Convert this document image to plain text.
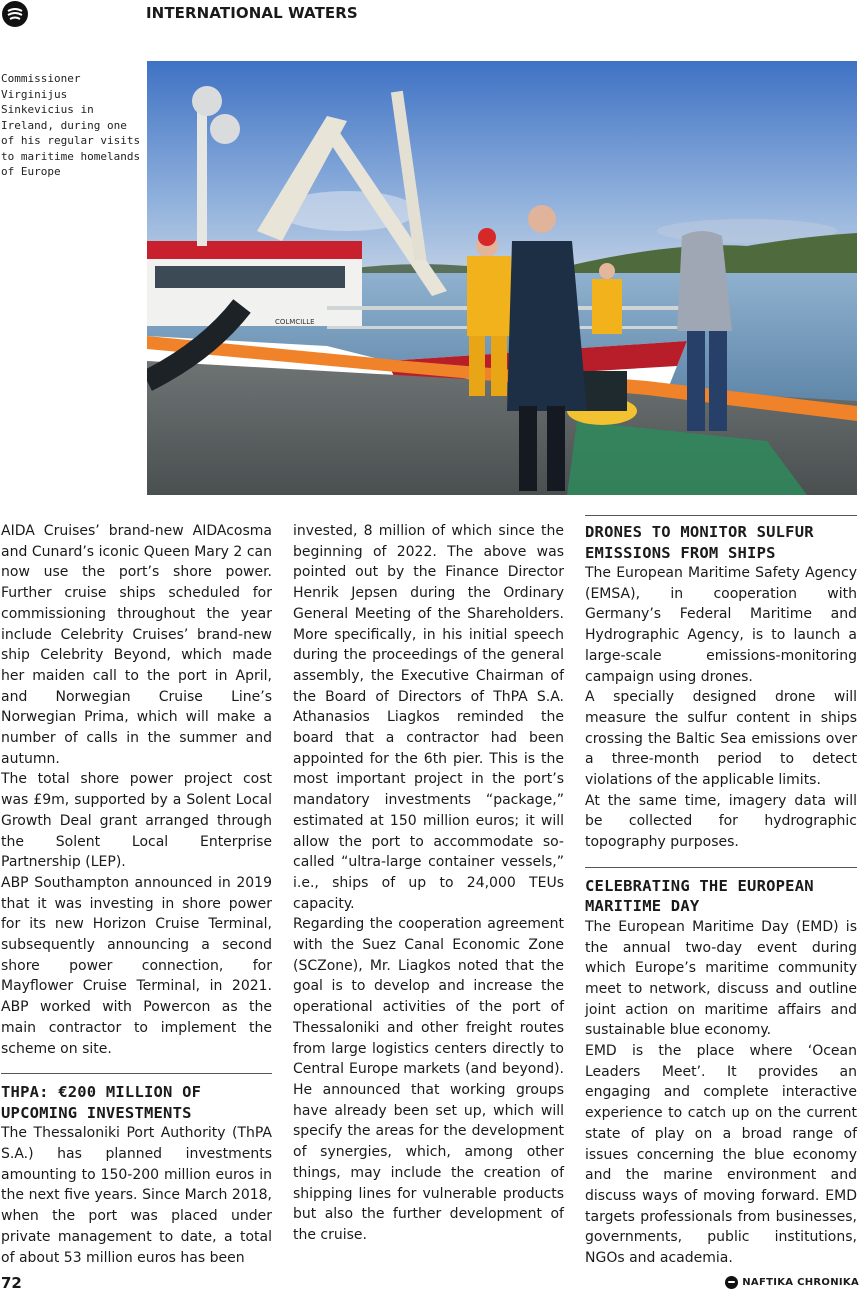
INTERNATIONAL WATERS
Commissioner Virginijus Sinkevicius in Ireland, during one of his regular visits to maritime homelands of Europe
COLMCILLE

AIDA Cruises’ brand-new AIDAcosma and Cunard’s iconic Queen Mary 2 can now use the port’s shore power. Further cruise ships scheduled for commissioning throughout the year include Celebrity Cruises’ brand-new ship Celebrity Beyond, which made her maiden call to the port in April, and Norwegian Cruise Line’s Norwegian Prima, which will make a number of calls in the summer and autumn.

The total shore power project cost was £9m, supported by a Solent Local Growth Deal grant arranged through the Solent Local Enterprise Partnership (LEP).

ABP Southampton announced in 2019 that it was investing in shore power for its new Horizon Cruise Terminal, subsequently announcing a second shore power connection, for Mayflower Cruise Terminal, in 2021. ABP worked with Powercon as the main contractor to implement the scheme on site.

THPA: €200 MILLION OF UPCOMING INVESTMENTS

The Thessaloniki Port Authority (ThPA S.A.) has planned investments amounting to 150-200 million euros in the next five years. Since March 2018, when the port was placed under private management to date, a total of about 53 million euros has been

invested, 8 million of which since the beginning of 2022. The above was pointed out by the Finance Director Henrik Jepsen during the Ordinary General Meeting of the Shareholders. More specifically, in his initial speech during the proceedings of the general assembly, the Executive Chairman of the Board of Directors of ThPA S.A. Athanasios Liagkos reminded the board that a contractor had been appointed for the 6th pier. This is the most important project in the port’s mandatory investments “package,” estimated at 150 million euros; it will allow the port to accommodate so-called “ultra-large container vessels,” i.e., ships of up to 24,000 TEUs capacity.

Regarding the cooperation agreement with the Suez Canal Economic Zone (SCZone), Mr. Liagkos noted that the goal is to develop and increase the operational activities of the port of Thessaloniki and other freight routes from large logistics centers directly to Central Europe markets (and beyond). He announced that working groups have already been set up, which will specify the areas for the development of synergies, which, among other things, may include the creation of shipping lines for vulnerable products but also the further development of the cruise.

DRONES TO MONITOR SULFUR EMISSIONS FROM SHIPS

The European Maritime Safety Agency (EMSA), in cooperation with Germany’s Federal Maritime and Hydrographic Agency, is to launch a large-scale emissions-monitoring campaign using drones.

A specially designed drone will measure the sulfur content in ships crossing the Baltic Sea emissions over a three-month period to detect violations of the applicable limits.

At the same time, imagery data will be collected for hydrographic topography purposes.

CELEBRATING THE EUROPEAN MARITIME DAY

The European Maritime Day (EMD) is the annual two-day event during which Europe’s maritime community meet to network, discuss and outline joint action on maritime affairs and sustainable blue economy.

EMD is the place where ‘Ocean Leaders Meet’. It provides an engaging and complete interactive experience to catch up on the current state of play on a broad range of issues concerning the blue economy and the marine environment and discuss ways of moving forward. EMD targets professionals from businesses, governments, public institutions, NGOs and academia.

72	NAFTIKA CHRONIKA
